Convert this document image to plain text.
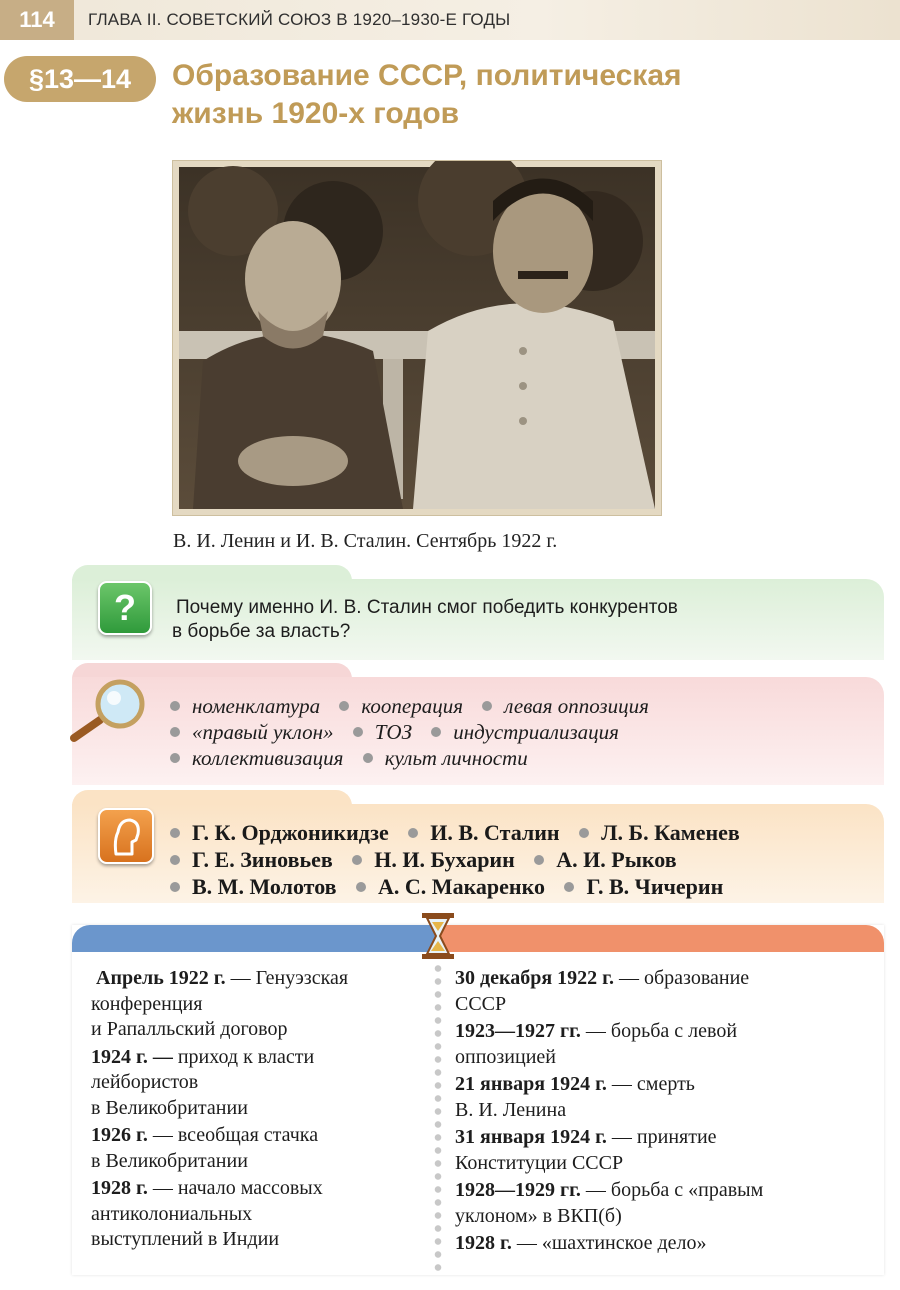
114	ГЛАВА II. СОВЕТСКИЙ СОЮЗ В 1920–1930-Е ГОДЫ
§13—14	Образование СССР, политическая
жизнь 1920-х годов
В. И. Ленин и И. В. Сталин. Сентябрь 1922 г.
?	Почему именно И. В. Сталин смог победить конкурентов
в борьбе за власть?
номенклатура кооперация левая оппозиция
«правый уклон» ТОЗ индустриализация
коллективизация культ личности
Г. К. Орджоникидзе И. В. Сталин Л. Б. Каменев
Г. Е. Зиновьев Н. И. Бухарин А. И. Рыков
В. М. Молотов А. С. Макаренко Г. В. Чичерин
Апрель 1922 г. — Генуэзская
конференция
и Рапалльский договор
1924 г. — приход к власти
лейбористов
в Великобритании
1926 г. — всеобщая стачка
в Великобритании
1928 г. — начало массовых
антиколониальных
выступлений в Индии
30 декабря 1922 г. — образование
СССР
1923—1927 гг. — борьба с левой
оппозицией
21 января 1924 г. — смерть
В. И. Ленина
31 января 1924 г. — принятие
Конституции СССР
1928—1929 гг. — борьба с «правым
уклоном» в ВКП(б)
1928 г. — «шахтинское дело»
